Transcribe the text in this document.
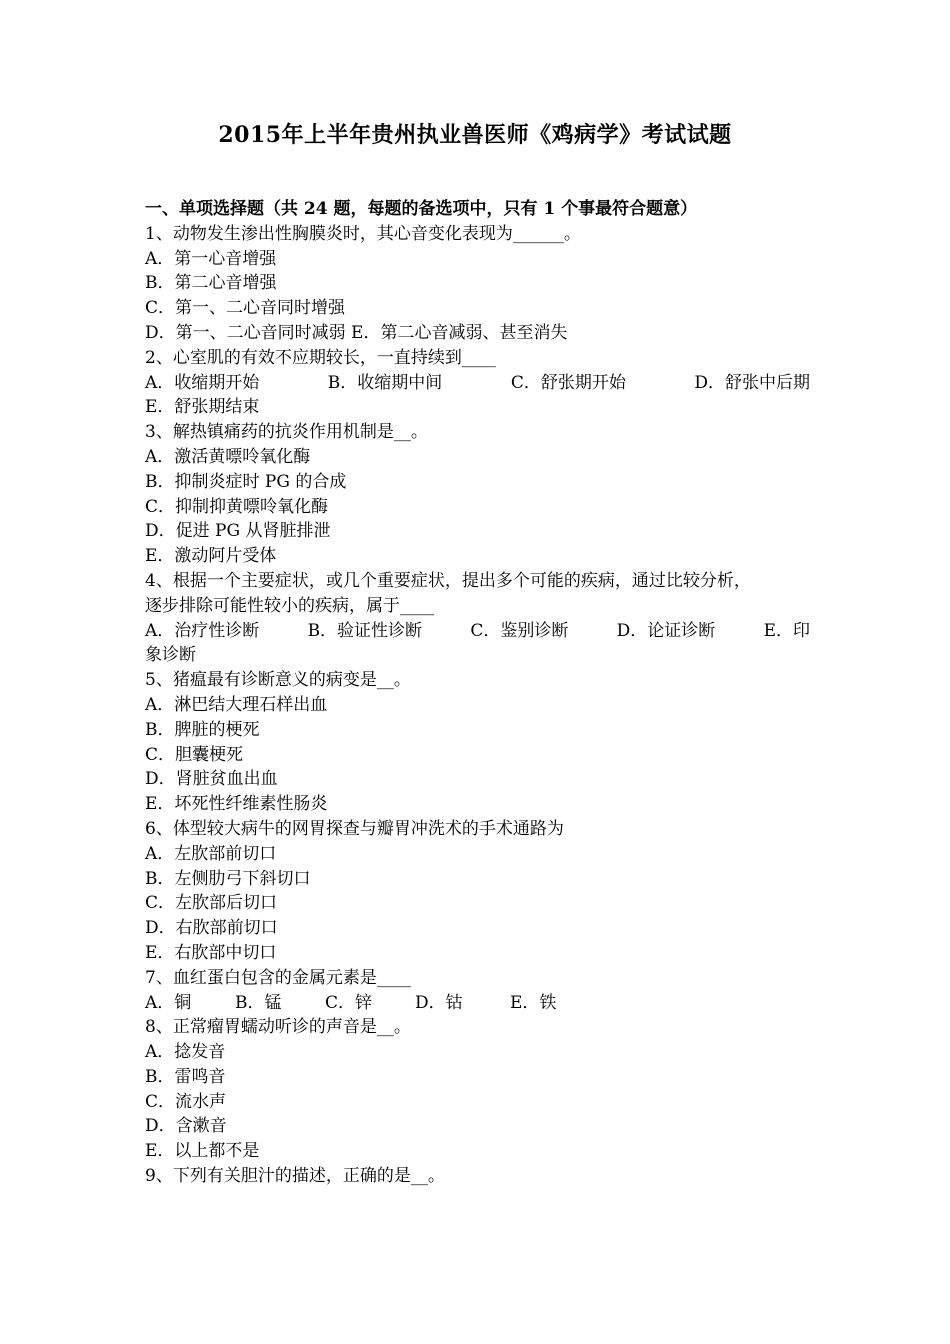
2015年上半年贵州执业兽医师《鸡病学》考试试题
一、单项选择题（共 24 题，每题的备选项中，只有 1 个事最符合题意）
1、动物发生渗出性胸膜炎时，其心音变化表现为______。
A．第一心音增强
B．第二心音增强
C．第一、二心音同时增强
D．第一、二心音同时减弱 E．第二心音减弱、甚至消失
2、心室肌的有效不应期较长，一直持续到____
A．收缩期开始	B．收缩期中间	C．舒张期开始	D．舒张中后期
E．舒张期结束
3、解热镇痛药的抗炎作用机制是__。
A．激活黄嘌呤氧化酶
B．抑制炎症时 PG 的合成
C．抑制抑黄嘌呤氧化酶
D．促进 PG 从肾脏排泄
E．激动阿片受体
4、根据一个主要症状，或几个重要症状，提出多个可能的疾病，通过比较分析，
逐步排除可能性较小的疾病，属于____
A．治疗性诊断	B．验证性诊断	C．鉴别诊断	D．论证诊断	E．印
象诊断
5、猪瘟最有诊断意义的病变是__。
A．淋巴结大理石样出血
B．脾脏的梗死
C．胆囊梗死
D．肾脏贫血出血
E．坏死性纤维素性肠炎
6、体型较大病牛的网胃探查与瓣胃冲洗术的手术通路为
A．左肷部前切口
B．左侧肋弓下斜切口
C．左肷部后切口
D．右肷部前切口
E．右肷部中切口
7、血红蛋白包含的金属元素是____
A．铜	B．锰	C．锌	D．钴	E．铁
8、正常瘤胃蠕动听诊的声音是__。
A．捻发音
B．雷鸣音
C．流水声
D．含漱音
E．以上都不是
9、下列有关胆汁的描述，正确的是__。
